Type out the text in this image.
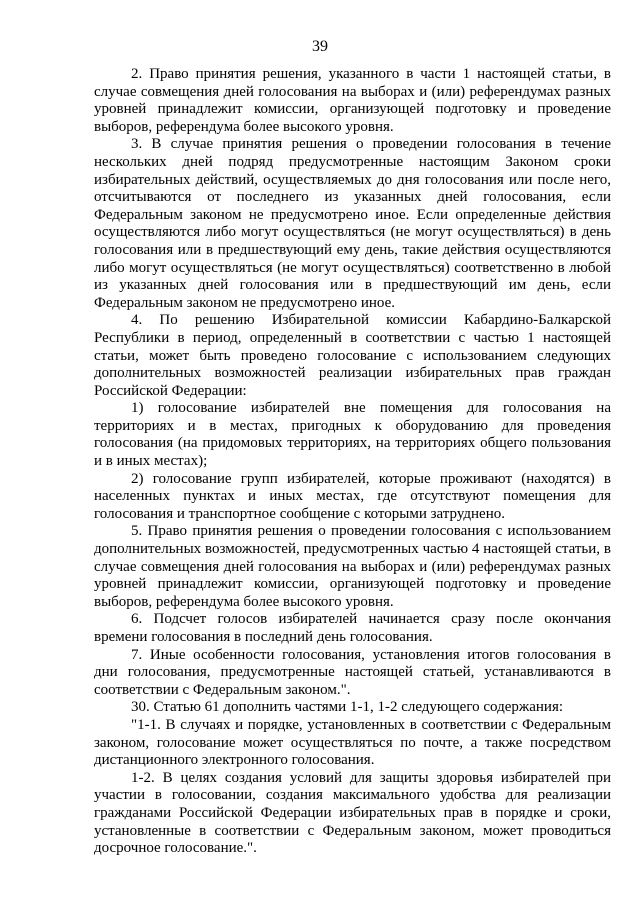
39

2. Право принятия решения, указанного в части 1 настоящей статьи, в случае совмещения дней голосования на выборах и (или) референдумах разных уровней принадлежит комиссии, организующей подготовку и проведение выборов, референдума более высокого уровня.

3. В случае принятия решения о проведении голосования в течение нескольких дней подряд предусмотренные настоящим Законом сроки избирательных действий, осуществляемых до дня голосования или после него, отсчитываются от последнего из указанных дней голосования, если Федеральным законом не предусмотрено иное. Если определенные действия осуществляются либо могут осуществляться (не могут осуществляться) в день голосования или в предшествующий ему день, такие действия осуществляются либо могут осуществляться (не могут осуществляться) соответственно в любой из указанных дней голосования или в предшествующий им день, если Федеральным законом не предусмотрено иное.

4. По решению Избирательной комиссии Кабардино-Балкарской Республики в период, определенный в соответствии с частью 1 настоящей статьи, может быть проведено голосование с использованием следующих дополнительных возможностей реализации избирательных прав граждан Российской Федерации:

1) голосование избирателей вне помещения для голосования на территориях и в местах, пригодных к оборудованию для проведения голосования (на придомовых территориях, на территориях общего пользования и в иных местах);

2) голосование групп избирателей, которые проживают (находятся) в населенных пунктах и иных местах, где отсутствуют помещения для голосования и транспортное сообщение с которыми затруднено.

5. Право принятия решения о проведении голосования с использованием дополнительных возможностей, предусмотренных частью 4 настоящей статьи, в случае совмещения дней голосования на выборах и (или) референдумах разных уровней принадлежит комиссии, организующей подготовку и проведение выборов, референдума более высокого уровня.

6. Подсчет голосов избирателей начинается сразу после окончания времени голосования в последний день голосования.

7. Иные особенности голосования, установления итогов голосования в дни голосования, предусмотренные настоящей статьей, устанавливаются в соответствии с Федеральным законом.".

30. Статью 61 дополнить частями 1-1, 1-2 следующего содержания:

"1-1. В случаях и порядке, установленных в соответствии с Федеральным законом, голосование может осуществляться по почте, а также посредством дистанционного электронного голосования.

1-2. В целях создания условий для защиты здоровья избирателей при участии в голосовании, создания максимального удобства для реализации гражданами Российской Федерации избирательных прав в порядке и сроки, установленные в соответствии с Федеральным законом, может проводиться досрочное голосование.".
